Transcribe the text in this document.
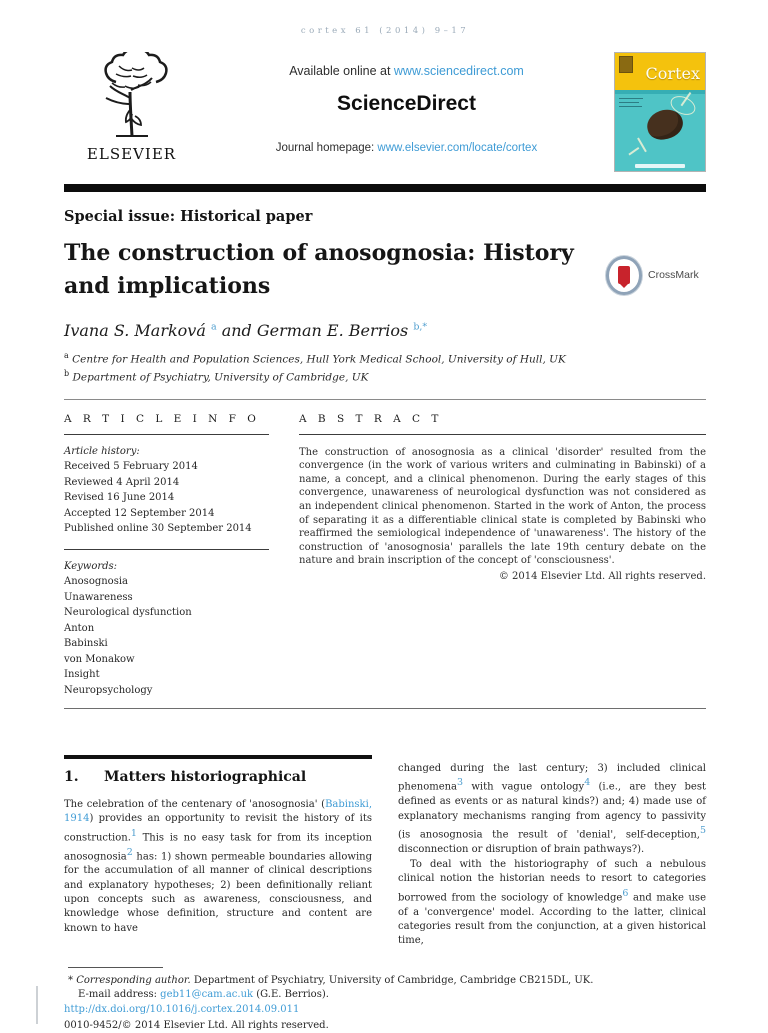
cortex 61 (2014) 9–17
ELSEVIER
Available online at www.sciencedirect.com
ScienceDirect
Journal homepage: www.elsevier.com/locate/cortex
Cortex
Special issue: Historical paper
The construction of anosognosia: History and implications	CrossMark
Ivana S. Marková $^a$ and German E. Berrios $^{b,*}$
$^a$ Centre for Health and Population Sciences, Hull York Medical School, University of Hull, UK
$^b$ Department of Psychiatry, University of Cambridge, UK
A R T I C L E I N F O
Article history:
Received 5 February 2014
Reviewed 4 April 2014
Revised 16 June 2014
Accepted 12 September 2014
Published online 30 September 2014
Keywords:
Anosognosia
Unawareness
Neurological dysfunction
Anton
Babinski
von Monakow
Insight
Neuropsychology
A B S T R A C T
The construction of anosognosia as a clinical 'disorder' resulted from the convergence (in the work of various writers and culminating in Babinski) of a name, a concept, and a clinical phenomenon. During the early stages of this convergence, unawareness of neurological dysfunction was not considered as an independent clinical phenomenon. Started in the work of Anton, the process of separating it as a differentiable clinical state is completed by Babinski who reaffirmed the semiological independence of 'unawareness'. The history of the construction of 'anosognosia' parallels the late 19th century debate on the nature and brain inscription of the concept of 'consciousness'.
© 2014 Elsevier Ltd. All rights reserved.
1.	Matters historiographical
The celebration of the centenary of 'anosognosia' (Babinski, 1914) provides an opportunity to revisit the history of its construction.$^1$ This is no easy task for from its inception anosognosia$^2$ has: 1) shown permeable boundaries allowing for the accumulation of all manner of clinical descriptions and explanatory hypotheses; 2) been definitionally reliant upon concepts such as awareness, consciousness, and knowledge whose definition, structure and content are known to have
changed during the last century; 3) included clinical phenomena$^3$ with vague ontology$^4$ (i.e., are they best defined as events or as natural kinds?) and; 4) made use of explanatory mechanisms ranging from agency to passivity (is anosognosia the result of 'denial', self-deception,$^5$ disconnection or disruption of brain pathways?).
To deal with the historiography of such a nebulous clinical notion the historian needs to resort to categories borrowed from the sociology of knowledge$^6$ and make use of a 'convergence' model. According to the latter, clinical categories result from the conjunction, at a given historical time,
* Corresponding author. Department of Psychiatry, University of Cambridge, Cambridge CB215DL, UK.
E-mail address: geb11@cam.ac.uk (G.E. Berrios).
http://dx.doi.org/10.1016/j.cortex.2014.09.011
0010-9452/© 2014 Elsevier Ltd. All rights reserved.
